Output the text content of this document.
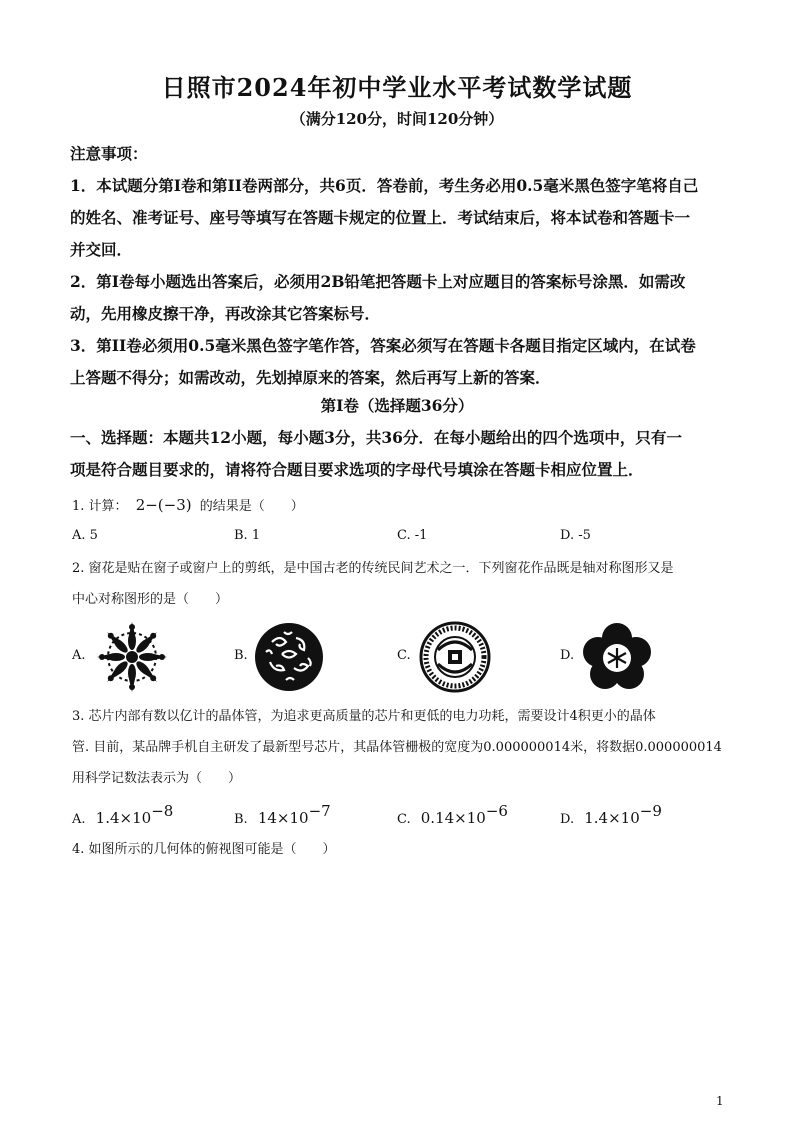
日照市2024年初中学业水平考试数学试题
（满分120分，时间120分钟）
注意事项：
1．本试题分第I卷和第II卷两部分，共6页．答卷前，考生务必用0.5毫米黑色签字笔将自己
的姓名、准考证号、座号等填写在答题卡规定的位置上．考试结束后，将本试卷和答题卡一
并交回．
2．第I卷每小题选出答案后，必须用2B铅笔把答题卡上对应题目的答案标号涂黑．如需改
动，先用橡皮擦干净，再改涂其它答案标号．
3．第II卷必须用0.5毫米黑色签字笔作答，答案必须写在答题卡各题目指定区域内，在试卷
上答题不得分；如需改动，先划掉原来的答案，然后再写上新的答案．
第I卷（选择题36分）
一、选择题：本题共12小题，每小题3分，共36分．在每小题给出的四个选项中，只有一
项是符合题目要求的，请将符合题目要求选项的字母代号填涂在答题卡相应位置上．
1. 计算： 2−(−3) 的结果是（　　）
A. 5	B. 1	C. -1	D. -5
2. 窗花是贴在窗子或窗户上的剪纸，是中国古老的传统民间艺术之一．下列窗花作品既是轴对称图形又是
中心对称图形的是（　　）
A.	B.	C.	D.
3. 芯片内部有数以亿计的晶体管，为追求更高质量的芯片和更低的电力功耗，需要设计4积更小的晶体
管. 目前，某品牌手机自主研发了最新型号芯片，其晶体管栅极的宽度为0.000000014米，将数据0.000000014
用科学记数法表示为（　　）
A. $1.4\times 10^{-8}$	B. $14\times 10^{-7}$	C. $0.14\times 10^{-6}$	D. $1.4\times 10^{-9}$
4. 如图所示的几何体的俯视图可能是（　　）
1
